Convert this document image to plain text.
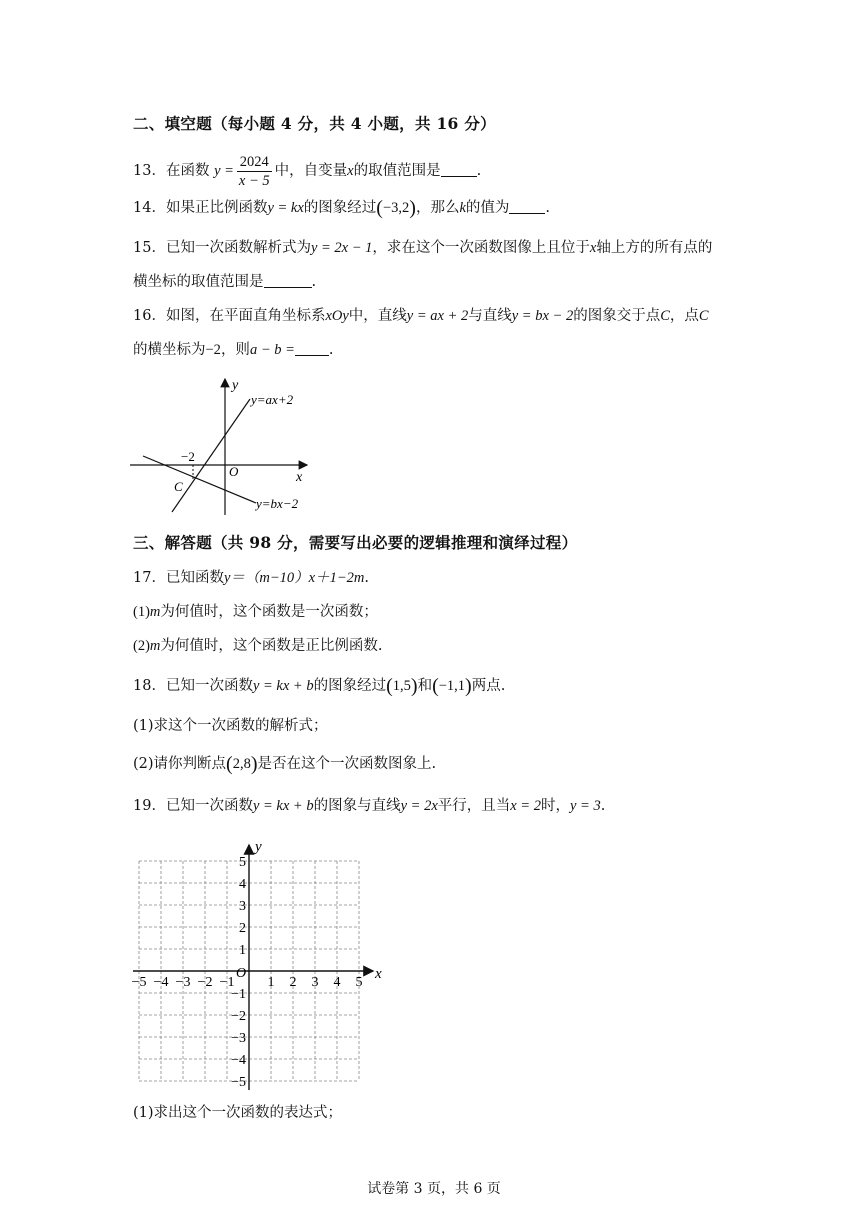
二、填空题（每小题 4 分，共 4 小题，共 16 分）
13．在函数 $y = \frac{2024}{x - 5}$ 中，自变量x的取值范围是 .
14．如果正比例函数y = kx的图象经过(−3,2)，那么k的值为 .
15．已知一次函数解析式为y = 2x − 1，求在这个一次函数图像上且位于x轴上方的所有点的
横坐标的取值范围是	.
16．如图，在平面直角坐标系xOy中，直线y = ax + 2与直线y = bx − 2的图象交于点C，点C
的横坐标为−2，则a − b = .
y
x
O
C
−2
y=ax+2
y=bx−2
三、解答题（共 98 分，需要写出必要的逻辑推理和演绎过程）
17．已知函数y＝（m−10）x＋1−2m.
(1)m为何值时，这个函数是一次函数；
(2)m为何值时，这个函数是正比例函数.
18．已知一次函数y = kx + b的图象经过(1,5)和(−1,1)两点.
(1)求这个一次函数的解析式；
(2)请你判断点(2,8)是否在这个一次函数图象上.
19．已知一次函数y = kx + b的图象与直线y = 2x平行，且当x = 2时，y = 3.
−5 −4 −3 −2 −1 1 2 3 4 5
5
4
3
2
1
−1
−2
−3
−4
−5
O	x
y
(1)求出这个一次函数的表达式；
试卷第 3 页，共 6 页
